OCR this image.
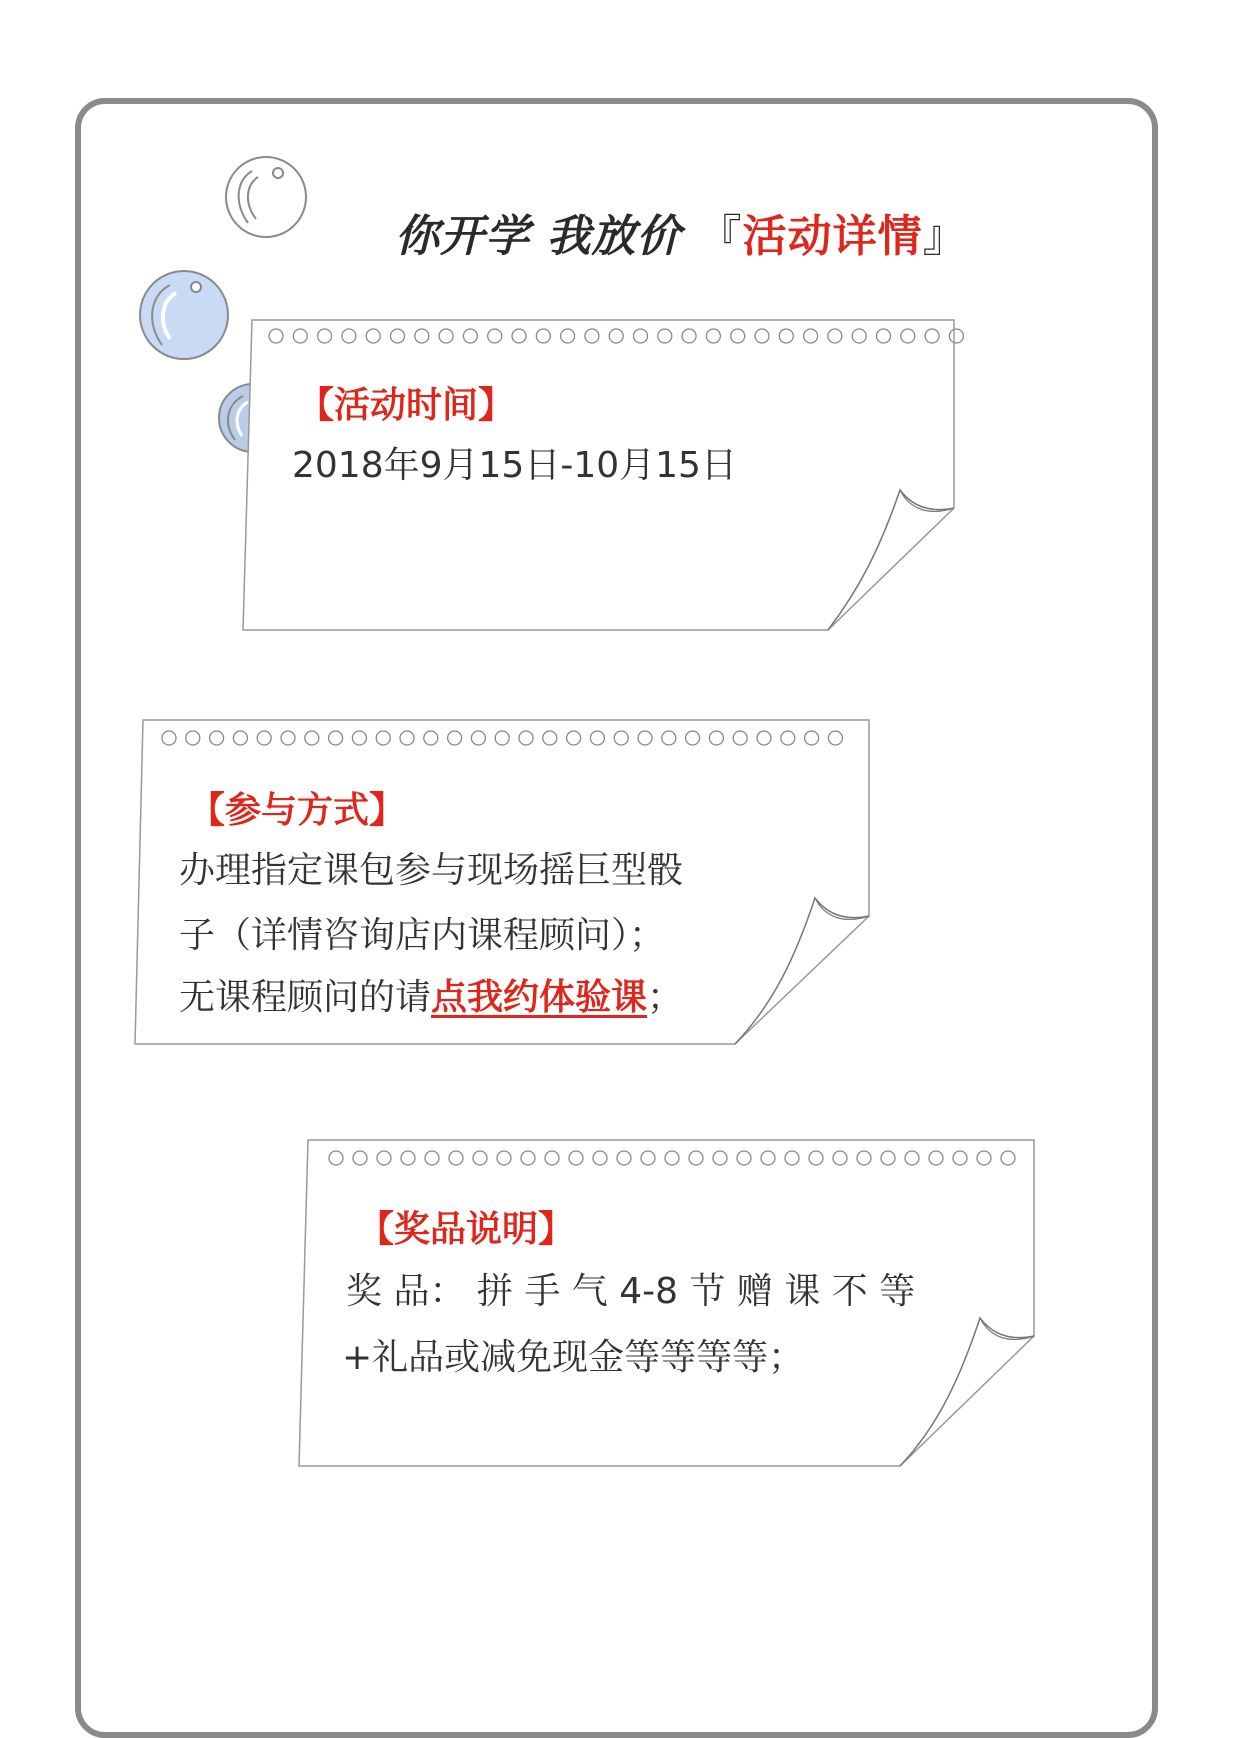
你开学 我放价 『活动详情』
【活动时间】
2018年9月15日-10月15日
【参与方式】
办理指定课包参与现场摇巨型骰
子（详情咨询店内课程顾问）；
无课程顾问的请点我约体验课；
【奖品说明】
奖 品： 拼 手 气 4-8 节 赠 课 不 等
+礼品或减免现金等等等等；
